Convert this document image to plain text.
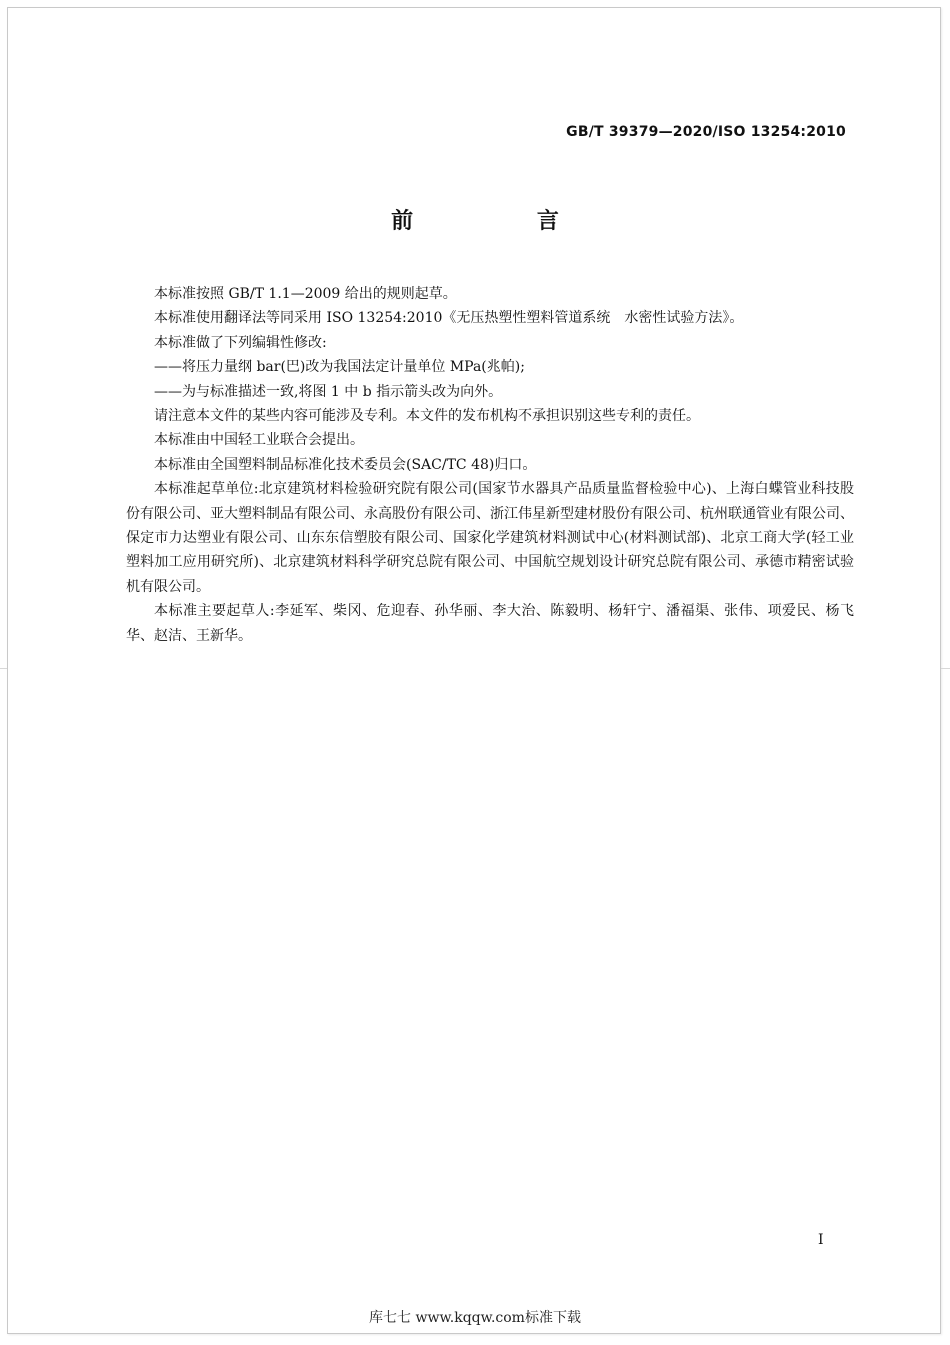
GB/T 39379—2020/ISO 13254:2010
前 言

本标准按照 GB/T 1.1—2009 给出的规则起草。

本标准使用翻译法等同采用 ISO 13254:2010《无压热塑性塑料管道系统　水密性试验方法》。

本标准做了下列编辑性修改:

——将压力量纲 bar(巴)改为我国法定计量单位 MPa(兆帕);

——为与标准描述一致,将图 1 中 b 指示箭头改为向外。

请注意本文件的某些内容可能涉及专利。本文件的发布机构不承担识别这些专利的责任。

本标准由中国轻工业联合会提出。

本标准由全国塑料制品标准化技术委员会(SAC/TC 48)归口。

本标准起草单位:北京建筑材料检验研究院有限公司(国家节水器具产品质量监督检验中心)、上海白蝶管业科技股份有限公司、亚大塑料制品有限公司、永高股份有限公司、浙江伟星新型建材股份有限公司、杭州联通管业有限公司、保定市力达塑业有限公司、山东东信塑胶有限公司、国家化学建筑材料测试中心(材料测试部)、北京工商大学(轻工业塑料加工应用研究所)、北京建筑材料科学研究总院有限公司、中国航空规划设计研究总院有限公司、承德市精密试验机有限公司。

本标准主要起草人:李延军、柴冈、危迎春、孙华丽、李大治、陈毅明、杨轩宁、潘福渠、张伟、项爱民、杨飞华、赵洁、王新华。

I
库七七 www.kqqw.com标准下载
